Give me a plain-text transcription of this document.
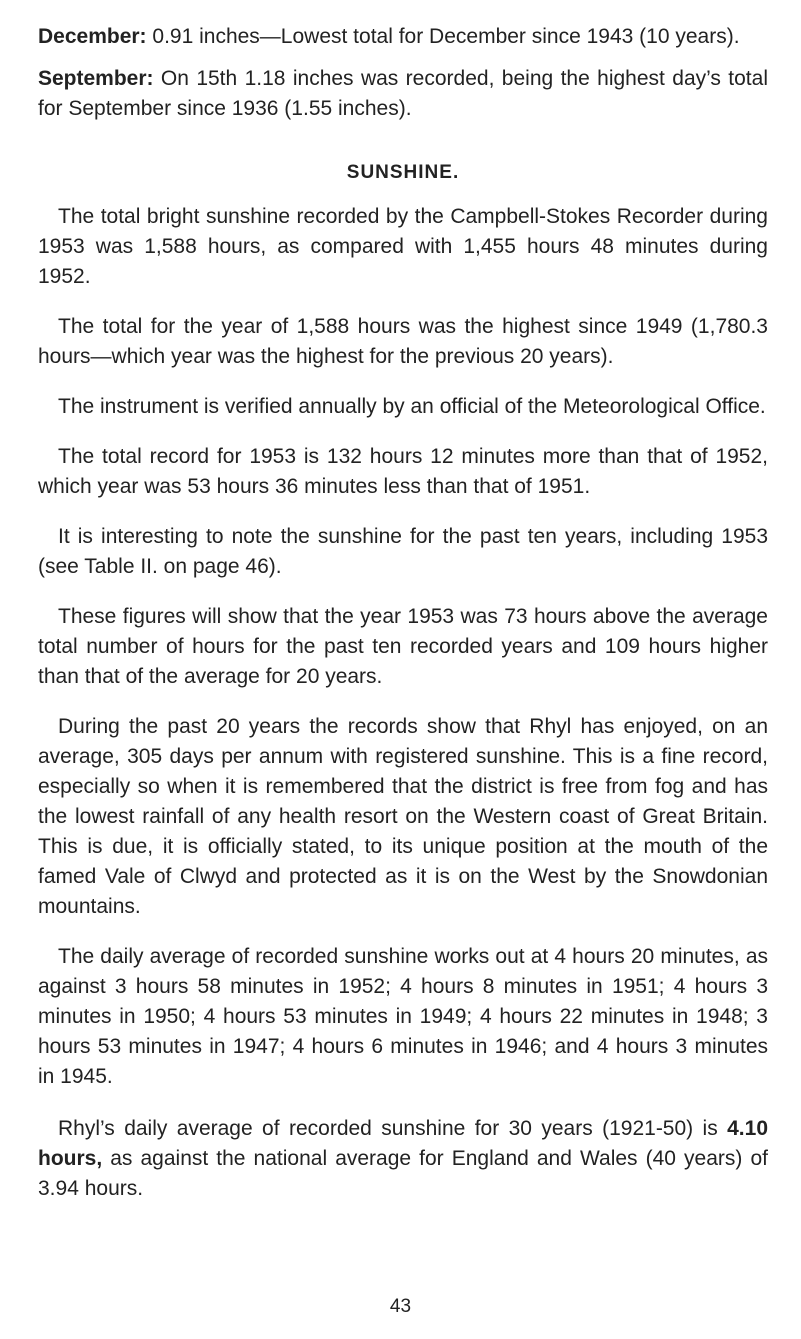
December: 0.91 inches—Lowest total for December since 1943 (10 years).

September: On 15th 1.18 inches was recorded, being the highest day’s total for September since 1936 (1.55 inches).

SUNSHINE.

The total bright sunshine recorded by the Campbell-Stokes Recorder during 1953 was 1,588 hours, as compared with 1,455 hours 48 minutes during 1952.

The total for the year of 1,588 hours was the highest since 1949 (1,780.3 hours—which year was the highest for the previous 20 years).

The instrument is verified annually by an official of the Meteorological Office.

The total record for 1953 is 132 hours 12 minutes more than that of 1952, which year was 53 hours 36 minutes less than that of 1951.

It is interesting to note the sunshine for the past ten years, including 1953 (see Table II. on page 46).

These figures will show that the year 1953 was 73 hours above the average total number of hours for the past ten recorded years and 109 hours higher than that of the average for 20 years.

During the past 20 years the records show that Rhyl has enjoyed, on an average, 305 days per annum with registered sunshine. This is a fine record, especially so when it is remembered that the district is free from fog and has the lowest rainfall of any health resort on the Western coast of Great Britain. This is due, it is officially stated, to its unique position at the mouth of the famed Vale of Clwyd and protected as it is on the West by the Snowdonian mountains.

The daily average of recorded sunshine works out at 4 hours 20 minutes, as against 3 hours 58 minutes in 1952; 4 hours 8 minutes in 1951; 4 hours 3 minutes in 1950; 4 hours 53 minutes in 1949; 4 hours 22 minutes in 1948; 3 hours 53 minutes in 1947; 4 hours 6 minutes in 1946; and 4 hours 3 minutes in 1945.

Rhyl’s daily average of recorded sunshine for 30 years (1921-50) is 4.10 hours, as against the national average for England and Wales (40 years) of 3.94 hours.

43
